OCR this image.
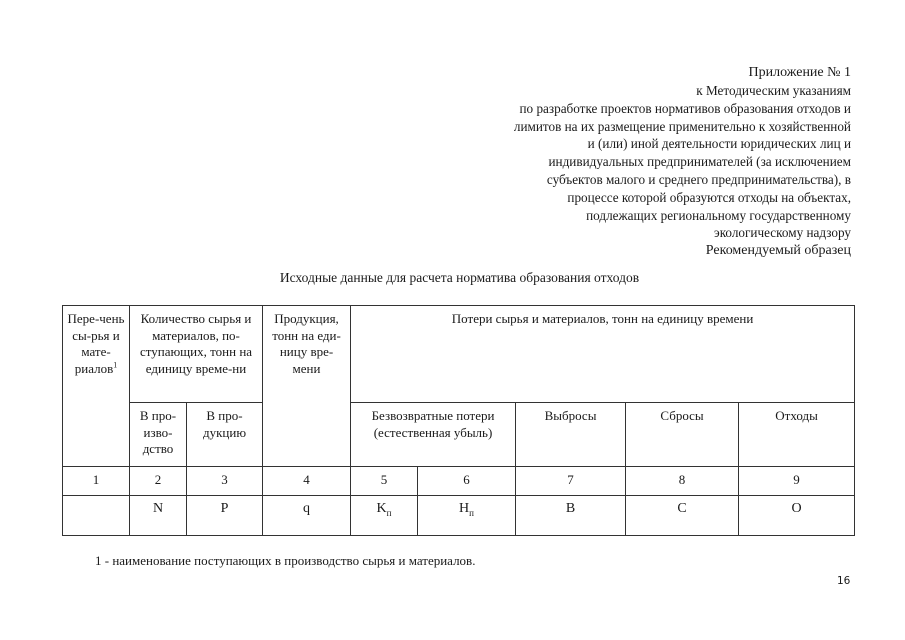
Приложение № 1
к Методическим указаниям
по разработке проектов нормативов образования отходов и
лимитов на их размещение применительно к хозяйственной
и (или) иной деятельности юридических лиц и
индивидуальных предпринимателей (за исключением
субъектов малого и среднего предпринимательства), в
процессе которой образуются отходы на объектах,
подлежащих региональному государственному
экологическому надзору
Рекомендуемый образец
Исходные данные для расчета норматива образования отходов
Пере-чень сы-рья и мате-риалов$^1$	Количество сырья и материалов, по-ступающих, тонн на единицу време-ни		Продукция, тонн на еди-ницу вре-мени	Потери сырья и материалов, тонн на единицу времени				
	В про-изво-дство	В про-дукцию		Безвозвратные потери (естественная убыль)		Выбросы	Сбросы	Отходы
1	2	3	4	5	6	7	8	9
	N	P	q	$K_п$	$H_п$	B	C	O
1 - наименование поступающих в производство сырья и материалов.
16
